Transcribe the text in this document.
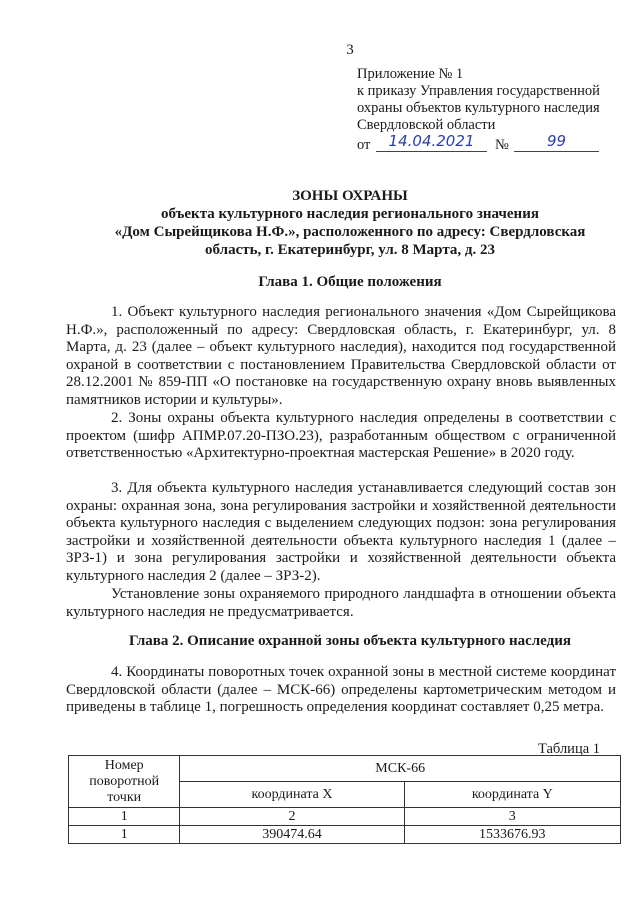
3
Приложение № 1
к приказу Управления государственной
охраны объектов культурного наследия
Свердловской области
от	14.04.2021	№	99
ЗОНЫ ОХРАНЫ
объекта культурного наследия регионального значения
«Дом Сырейщикова Н.Ф.», расположенного по адресу: Свердловская
область, г. Екатеринбург, ул. 8 Марта, д. 23
Глава 1. Общие положения
1. Объект культурного наследия регионального значения «Дом Сырейщикова Н.Ф.», расположенный по адресу: Свердловская область, г. Екатеринбург, ул. 8 Марта, д. 23 (далее – объект культурного наследия), находится под государственной охраной в соответствии с постановлением Правительства Свердловской области от 28.12.2001 № 859-ПП «О постановке на государственную охрану вновь выявленных памятников истории и культуры».
2. Зоны охраны объекта культурного наследия определены в соответствии с проектом (шифр АПМР.07.20-ПЗО.23), разработанным обществом с ограниченной ответственностью «Архитектурно-проектная мастерская Решение» в 2020 году.
3. Для объекта культурного наследия устанавливается следующий состав зон охраны: охранная зона, зона регулирования застройки и хозяйственной деятельности объекта культурного наследия с выделением следующих подзон: зона регулирования застройки и хозяйственной деятельности объекта культурного наследия 1 (далее – ЗРЗ-1) и зона регулирования застройки и хозяйственной деятельности объекта культурного наследия 2 (далее – ЗРЗ-2).
Установление зоны охраняемого природного ландшафта в отношении объекта культурного наследия не предусматривается.
Глава 2. Описание охранной зоны объекта культурного наследия
4. Координаты поворотных точек охранной зоны в местной системе координат Свердловской области (далее – МСК-66) определены картометрическим методом и приведены в таблице 1, погрешность определения координат составляет 0,25 метра.
Таблица 1
Номер поворотной точки	МСК-66	
	координата X	координата Y
1	2	3
1	390474.64	1533676.93
